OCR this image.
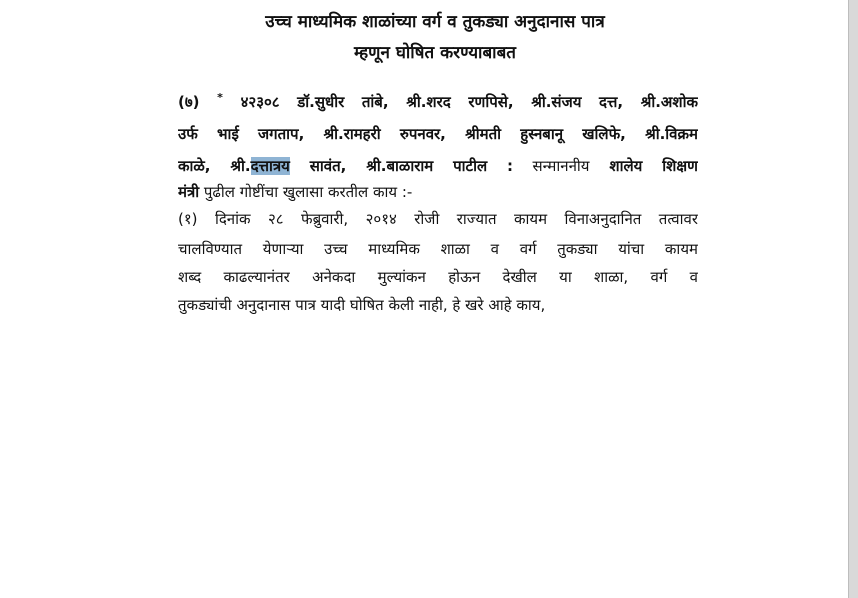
उच्च माध्यमिक शाळांच्या वर्ग व तुकड्या अनुदानास पात्र
म्हणून घोषित करण्याबाबत
(७) * ४२३०८ डॉ.सुधीर तांबे, श्री.शरद रणपिसे, श्री.संजय दत्त, श्री.अशोक
उर्फ भाई जगताप, श्री.रामहरी रुपनवर, श्रीमती हुस्नबानू खलिफे, श्री.विक्रम
काळे, श्री.दत्तात्रय सावंत, श्री.बाळाराम पाटील : सन्माननीय शालेय शिक्षण
मंत्री पुढील गोष्टींचा खुलासा करतील काय :-
(१) दिनांक २८ फेब्रुवारी, २०१४ रोजी राज्यात कायम विनाअनुदानित तत्वावर
चालविण्यात येणाऱ्या उच्च माध्यमिक शाळा व वर्ग तुकड्या यांचा कायम
शब्द काढल्यानंतर अनेकदा मुल्यांकन होऊन देखील या शाळा, वर्ग व
तुकड्यांची अनुदानास पात्र यादी घोषित केली नाही, हे खरे आहे काय,
